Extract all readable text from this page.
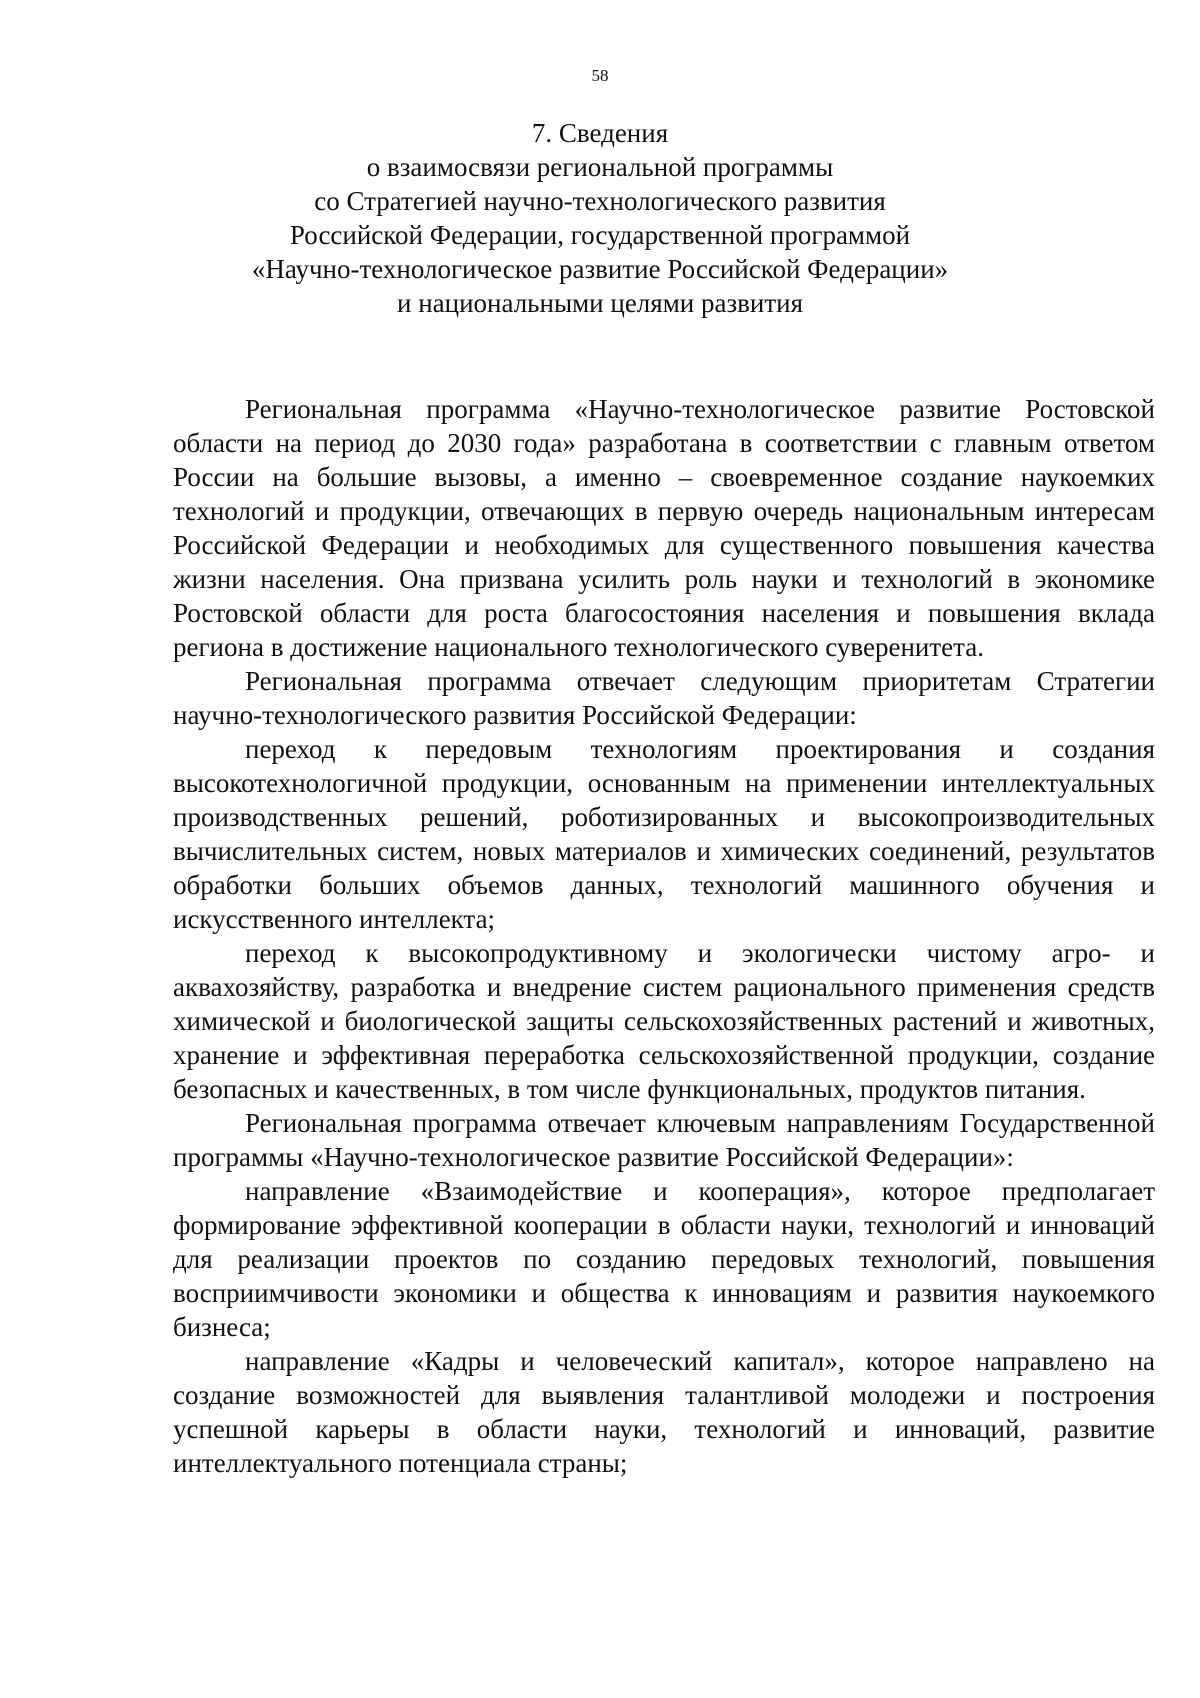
58
7. Сведения
о взаимосвязи региональной программы
со Стратегией научно-технологического развития
Российской Федерации, государственной программой
«Научно-технологическое развитие Российской Федерации»
и национальными целями развития

Региональная программа «Научно-технологическое развитие Ростовской области на период до 2030 года» разработана в соответствии с главным ответом России на большие вызовы, а именно – своевременное создание наукоемких технологий и продукции, отвечающих в первую очередь национальным интересам Российской Федерации и необходимых для существенного повышения качества жизни населения. Она призвана усилить роль науки и технологий в экономике Ростовской области для роста благосостояния населения и повышения вклада региона в достижение национального технологического суверенитета.

Региональная программа отвечает следующим приоритетам Стратегии научно-технологического развития Российской Федерации:

переход к передовым технологиям проектирования и создания высокотехнологичной продукции, основанным на применении интеллектуальных производственных решений, роботизированных и высокопроизводительных вычислительных систем, новых материалов и химических соединений, результатов обработки больших объемов данных, технологий машинного обучения и искусственного интеллекта;

переход к высокопродуктивному и экологически чистому агро- и аквахозяйству, разработка и внедрение систем рационального применения средств химической и биологической защиты сельскохозяйственных растений и животных, хранение и эффективная переработка сельскохозяйственной продукции, создание безопасных и качественных, в том числе функциональных, продуктов питания.

Региональная программа отвечает ключевым направлениям Государственной программы «Научно-технологическое развитие Российской Федерации»:

направление «Взаимодействие и кооперация», которое предполагает формирование эффективной кооперации в области науки, технологий и инноваций для реализации проектов по созданию передовых технологий, повышения восприимчивости экономики и общества к инновациям и развития наукоемкого бизнеса;

направление «Кадры и человеческий капитал», которое направлено на создание возможностей для выявления талантливой молодежи и построения успешной карьеры в области науки, технологий и инноваций, развитие интеллектуального потенциала страны;
